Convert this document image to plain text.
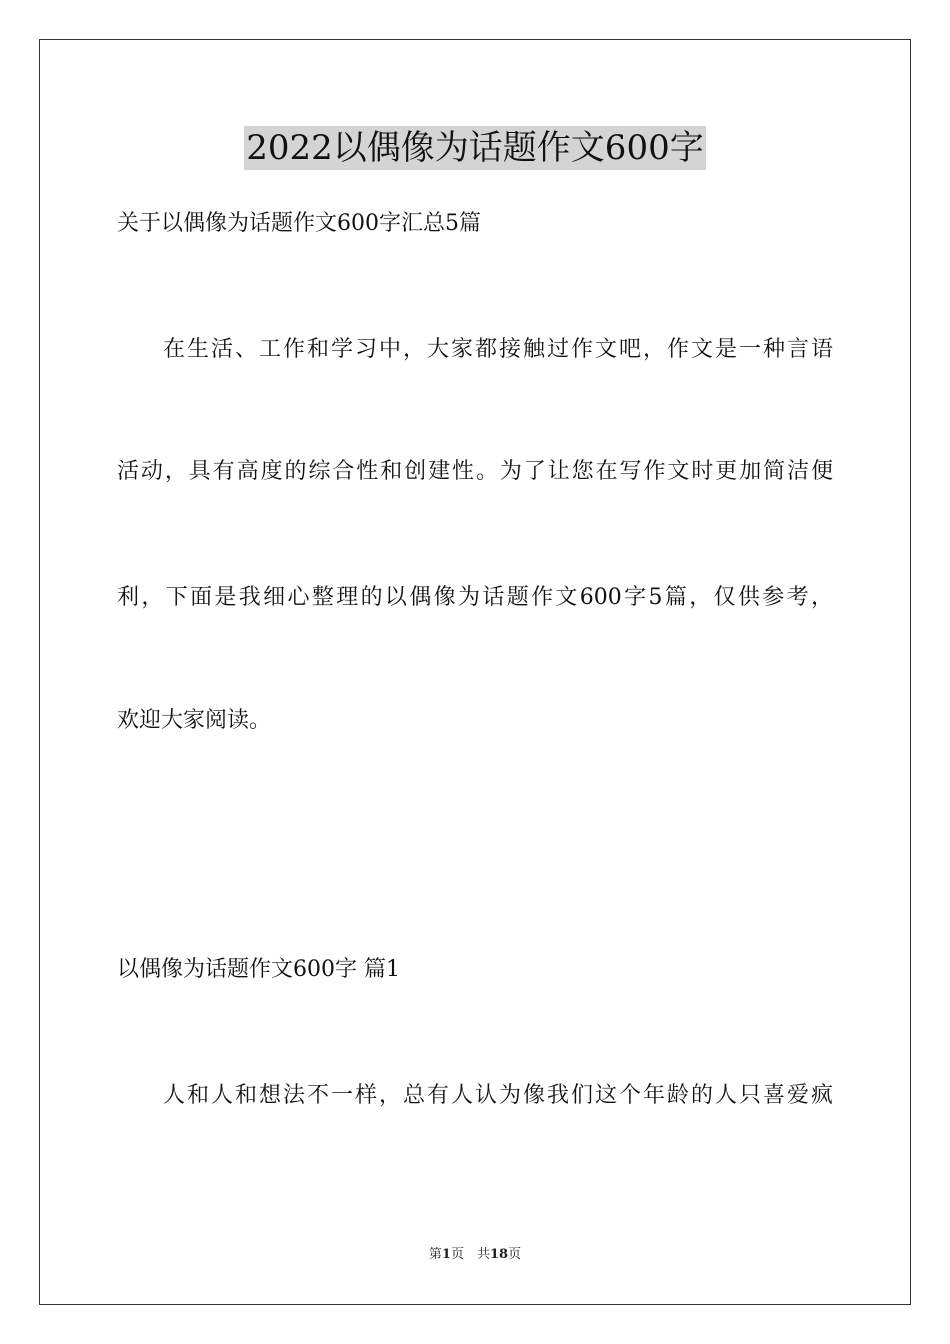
2022以偶像为话题作文600字
关于以偶像为话题作文600字汇总5篇
在生活、工作和学习中，大家都接触过作文吧，作文是一种言语
活动，具有高度的综合性和创建性。为了让您在写作文时更加简洁便
利，下面是我细心整理的以偶像为话题作文600字5篇，仅供参考，
欢迎大家阅读。
以偶像为话题作文600字 篇1
人和人和想法不一样，总有人认为像我们这个年龄的人只喜爱疯
第1页　共18页
